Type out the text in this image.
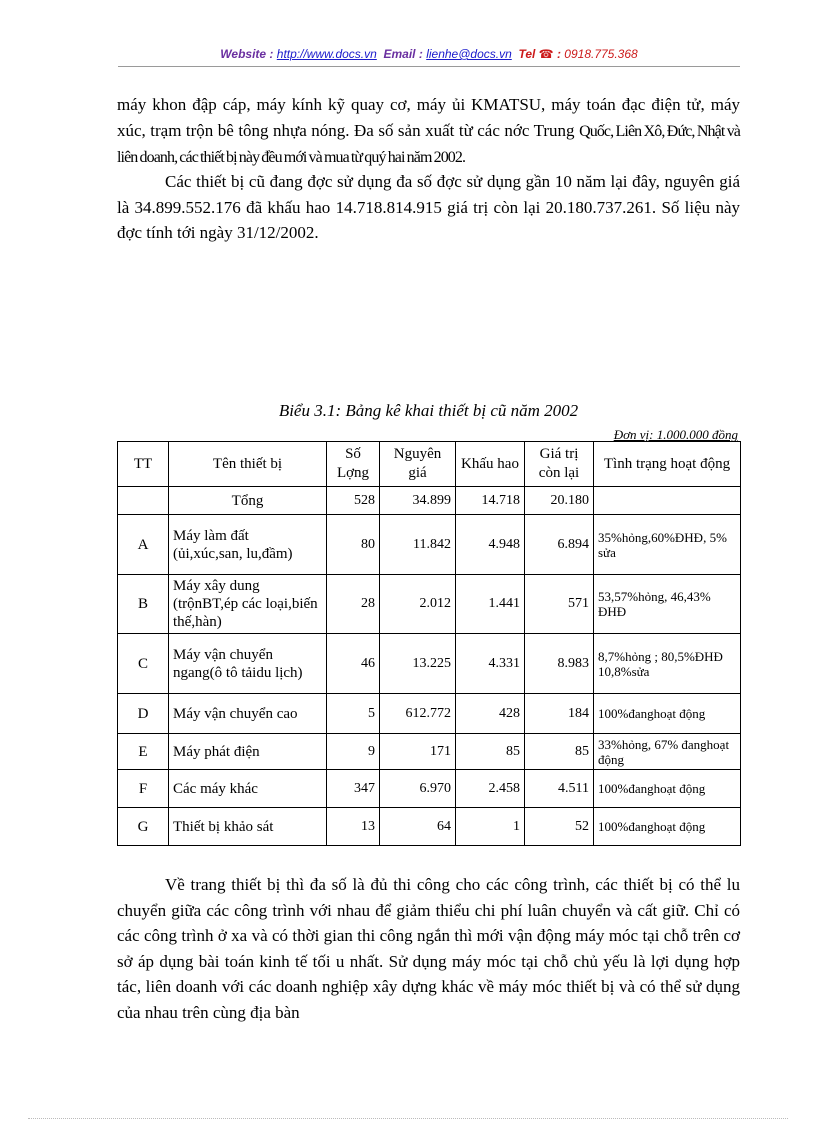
Website : http://www.docs.vn Email : lienhe@docs.vn Tel ☎ : 0918.775.368

máy khon đập cáp, máy kính kỹ quay cơ, máy ủi KMATSU, máy toán đạc điện tử, máy xúc, trạm trộn bê tông nhựa nóng. Đa số sản xuất từ các nớc Trung Quốc, Liên Xô, Đức, Nhật và liên doanh, các thiết bị này đều mới và mua từ quý hai năm 2002.

Các thiết bị cũ đang đợc sử dụng đa số đợc sử dụng gần 10 năm lại đây, nguyên giá là 34.899.552.176 đã khấu hao 14.718.814.915 giá trị còn lại 20.180.737.261. Số liệu này đợc tính tới ngày 31/12/2002.

Biểu 3.1: Bảng kê khai thiết bị cũ năm 2002
Đơn vị: 1.000.000 đồng
TT	Tên thiết bị	Số Lợng	Nguyên giá	Khấu hao	Giá trị còn lại	Tình trạng hoạt động
	Tổng	528	34.899	14.718	20.180	
A	Máy làm đất (ủi,xúc,san, lu,đầm)	80	11.842	4.948	6.894	35%hỏng,60%ĐHĐ, 5% sửa
B	Máy xây dung (trộnBT,ép các loại,biến thế,hàn)	28	2.012	1.441	571	53,57%hỏng, 46,43% ĐHĐ
C	Máy vận chuyển ngang(ô tô tảidu lịch)	46	13.225	4.331	8.983	8,7%hỏng ; 80,5%ĐHĐ 10,8%sửa
D	Máy vận chuyển cao	5	612.772	428	184	100%đanghoạt động
E	Máy phát điện	9	171	85	85	33%hỏng, 67% đanghoạt động
F	Các máy khác	347	6.970	2.458	4.511	100%đanghoạt động
G	Thiết bị khảo sát	13	64	1	52	100%đanghoạt động

Về trang thiết bị thì đa số là đủ thi công cho các công trình, các thiết bị có thể lu chuyển giữa các công trình với nhau để giảm thiểu chi phí luân chuyển và cất giữ. Chỉ có các công trình ở xa và có thời gian thi công ngắn thì mới vận động máy móc tại chỗ trên cơ sở áp dụng bài toán kinh tế tối u nhất. Sử dụng máy móc tại chỗ chủ yếu là lợi dụng hợp tác, liên doanh với các doanh nghiệp xây dựng khác về máy móc thiết bị và có thể sử dụng của nhau trên cùng địa bàn
